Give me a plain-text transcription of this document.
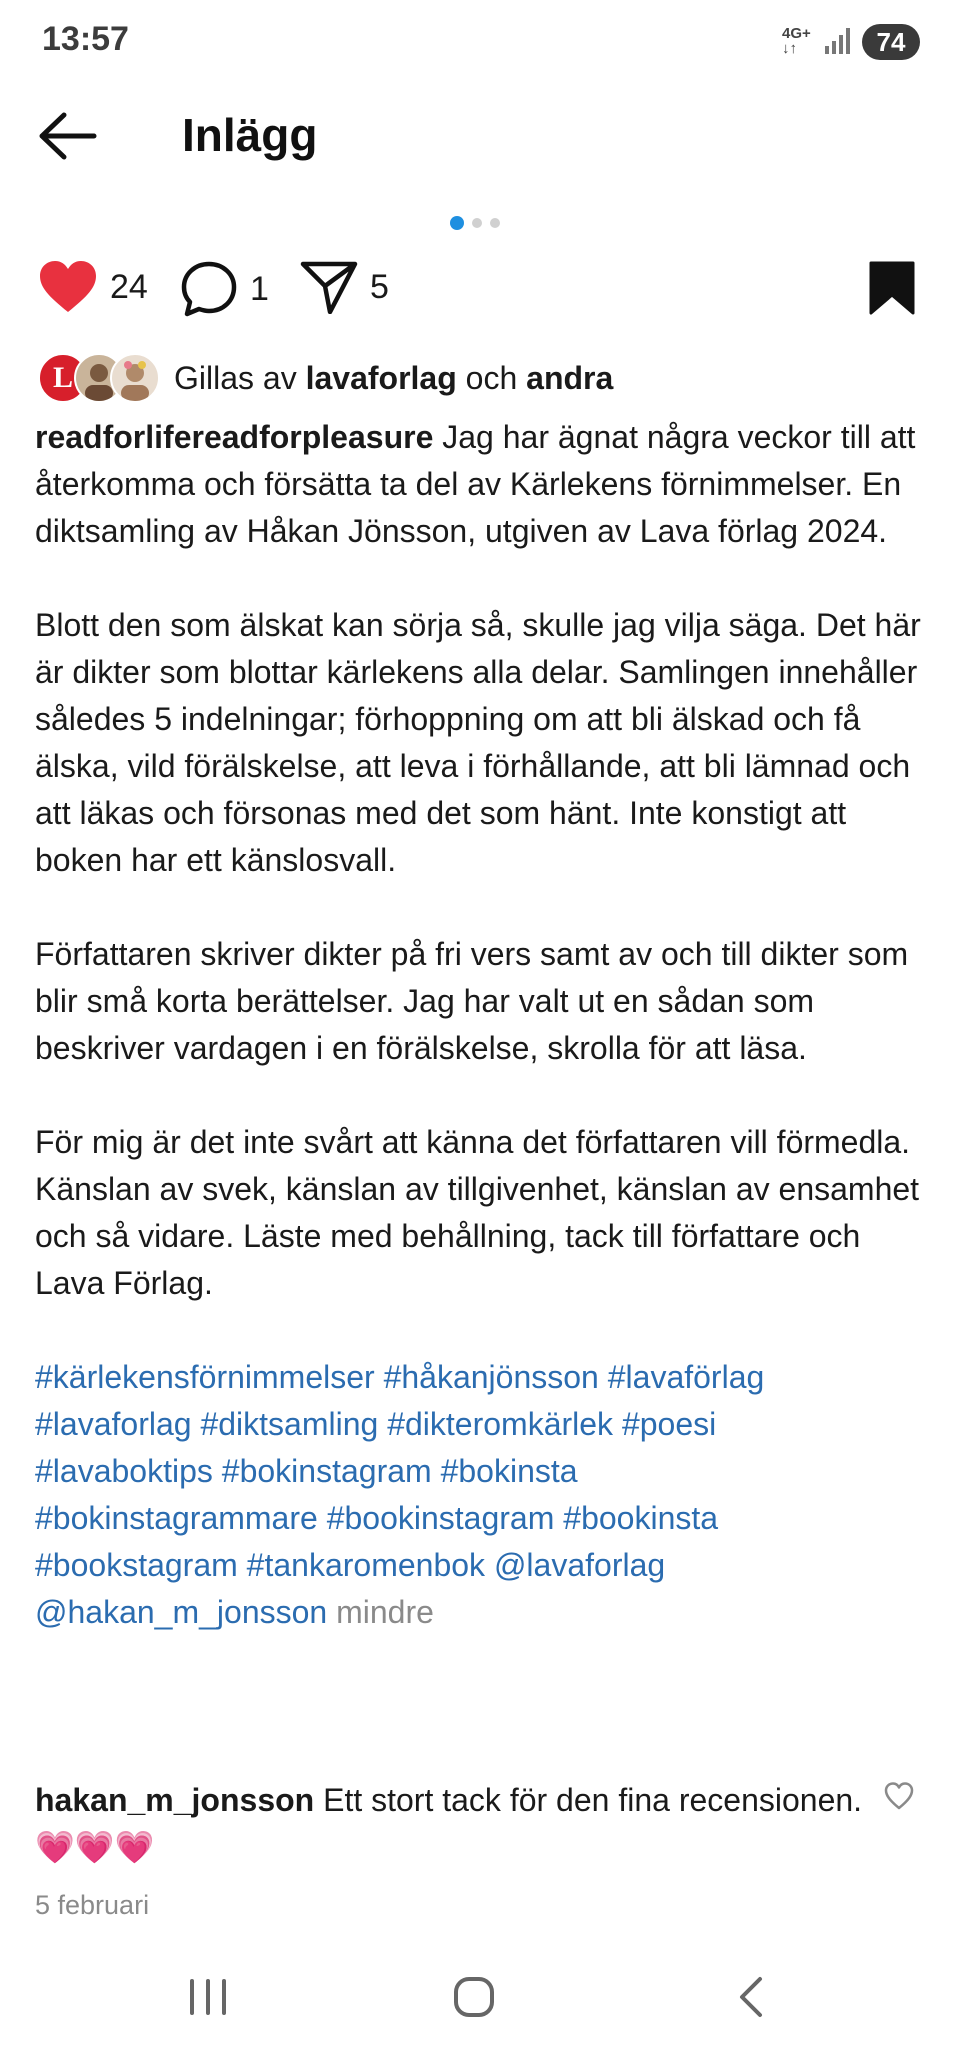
13:57	4G+
↓↑	74
Inlägg
24	1	5
L	Gillas av lavaforlag och andra

readforlifereadforpleasure Jag har ägnat några veckor till att återkomma och försätta ta del av Kärlekens förnimmelser. En diktsamling av Håkan Jönsson, utgiven av Lava förlag 2024.

Blott den som älskat kan sörja så, skulle jag vilja säga. Det här är dikter som blottar kärlekens alla delar. Samlingen innehåller således 5 indelningar; förhoppning om att bli älskad och få älska, vild förälskelse, att leva i förhållande, att bli lämnad och att läkas och försonas med det som hänt. Inte konstigt att boken har ett känslosvall.

Författaren skriver dikter på fri vers samt av och till dikter som blir små korta berättelser. Jag har valt ut en sådan som beskriver vardagen i en förälskelse, skrolla för att läsa.

För mig är det inte svårt att känna det författaren vill förmedla. Känslan av svek, känslan av tillgivenhet, känslan av ensamhet och så vidare. Läste med behållning, tack till författare och Lava Förlag.

#kärlekensförnimmelser #håkanjönsson #lavaförlag

#lavaforlag #diktsamling #dikteromkärlek #poesi

#lavaboktips #bokinstagram #bokinsta

#bokinstagrammare #bookinstagram #bookinsta

#bookstagram #tankaromenbok @lavaforlag

@hakan_m_jonsson mindre

hakan_m_jonsson Ett stort tack för den fina recensionen. 💗💗💗
5 februari
